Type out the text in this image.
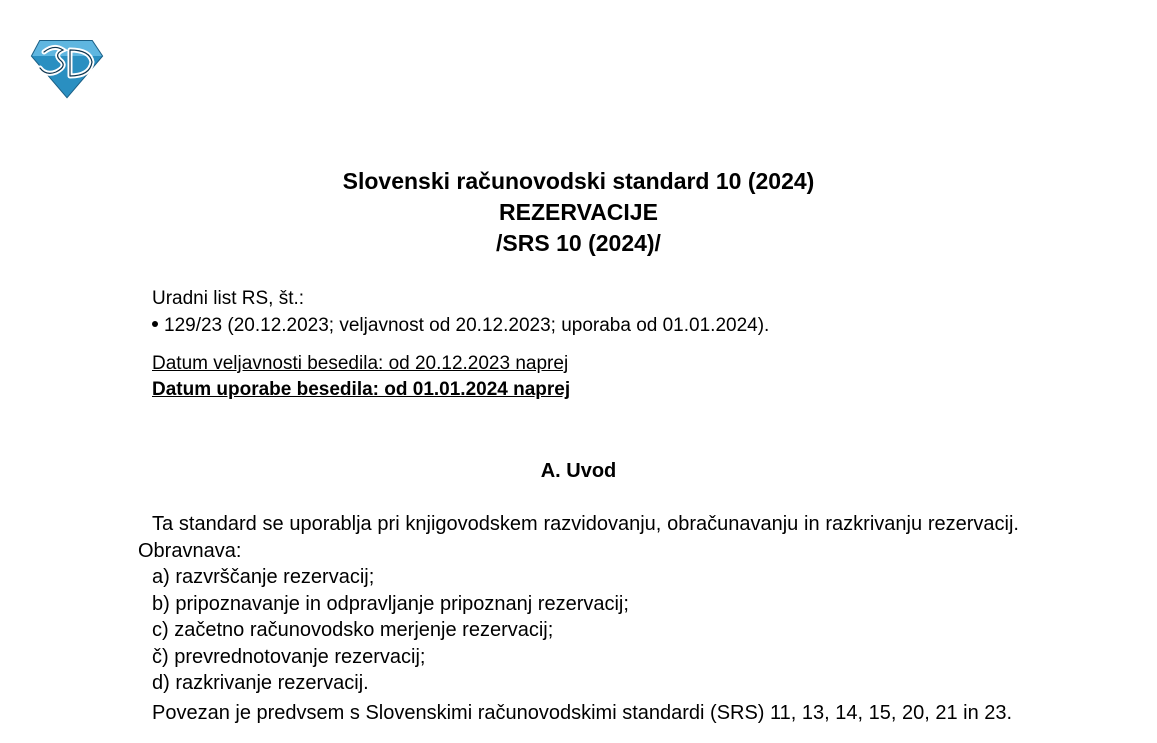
Slovenski računovodski standard 10 (2024)
REZERVACIJE
/SRS 10 (2024)/
Uradni list RS, št.:
129/23 (20.12.2023; veljavnost od 20.12.2023; uporaba od 01.01.2024).
Datum veljavnosti besedila: od 20.12.2023 naprej
Datum uporabe besedila: od 01.01.2024 naprej
A. Uvod
Ta standard se uporablja pri knjigovodskem razvidovanju, obračunavanju in razkrivanju rezervacij. Obravnava:
a) razvrščanje rezervacij;
b) pripoznavanje in odpravljanje pripoznanj rezervacij;
c) začetno računovodsko merjenje rezervacij;
č) prevrednotovanje rezervacij;
d) razkrivanje rezervacij.
Povezan je predvsem s Slovenskimi računovodskimi standardi (SRS) 11, 13, 14, 15, 20, 21 in 23.
